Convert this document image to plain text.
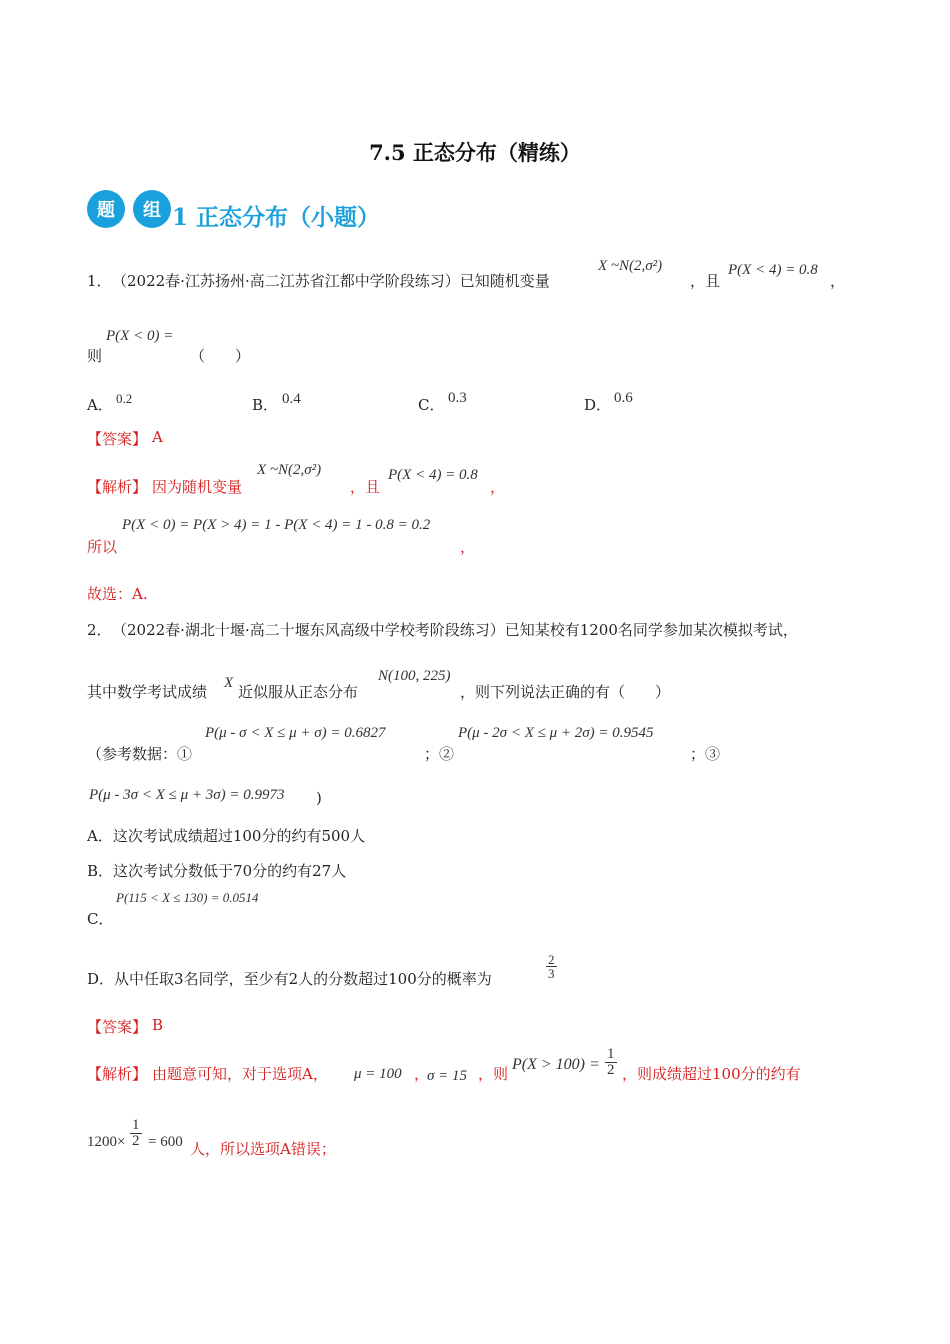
7.5 正态分布（精练）
题	组 1 正态分布（小题）
1． （2022春·江苏扬州·高二江苏省江都中学阶段练习）已知随机变量
X ~N(2,σ²)
，且
P(X < 4) = 0.8
，
则
P(X < 0) =
（　　）
A． 0.2	B． 0.4	C． 0.3	D． 0.6
【答案】 A
【解析】 因为随机变量
X ~N(2,σ²)
，且
P(X < 4) = 0.8
，
所以
P(X < 0) = P(X > 4) = 1 - P(X < 4) = 1 - 0.8 = 0.2
，
故选：A.
2． （2022春·湖北十堰·高二十堰东风高级中学校考阶段练习）已知某校有1200名同学参加某次模拟考试，
其中数学考试成绩 X 近似服从正态分布
N(100, 225)
，则下列说法正确的有（　　）
（参考数据：①
P(μ - σ < X ≤ μ + σ) = 0.6827
；②
P(μ - 2σ < X ≤ μ + 2σ) = 0.9545
；③
P(μ - 3σ < X ≤ μ + 3σ) = 0.9973 )
A．这次考试成绩超过100分的约有500人
B．这次考试分数低于70分的约有27人
P(115 < X ≤ 130) = 0.0514
C．
D．从中任取3名同学，至少有2人的分数超过100分的概率为	$\frac{2}{3}$
【答案】 B
【解析】 由题意可知，对于选项A， μ = 100 ，
σ = 15 ，则
$P(X > 100) = \frac{1}{2}$ ，则成绩超过100分的约有
$1200\times \frac{1}{2} = 600$ 人，所以选项A错误；
